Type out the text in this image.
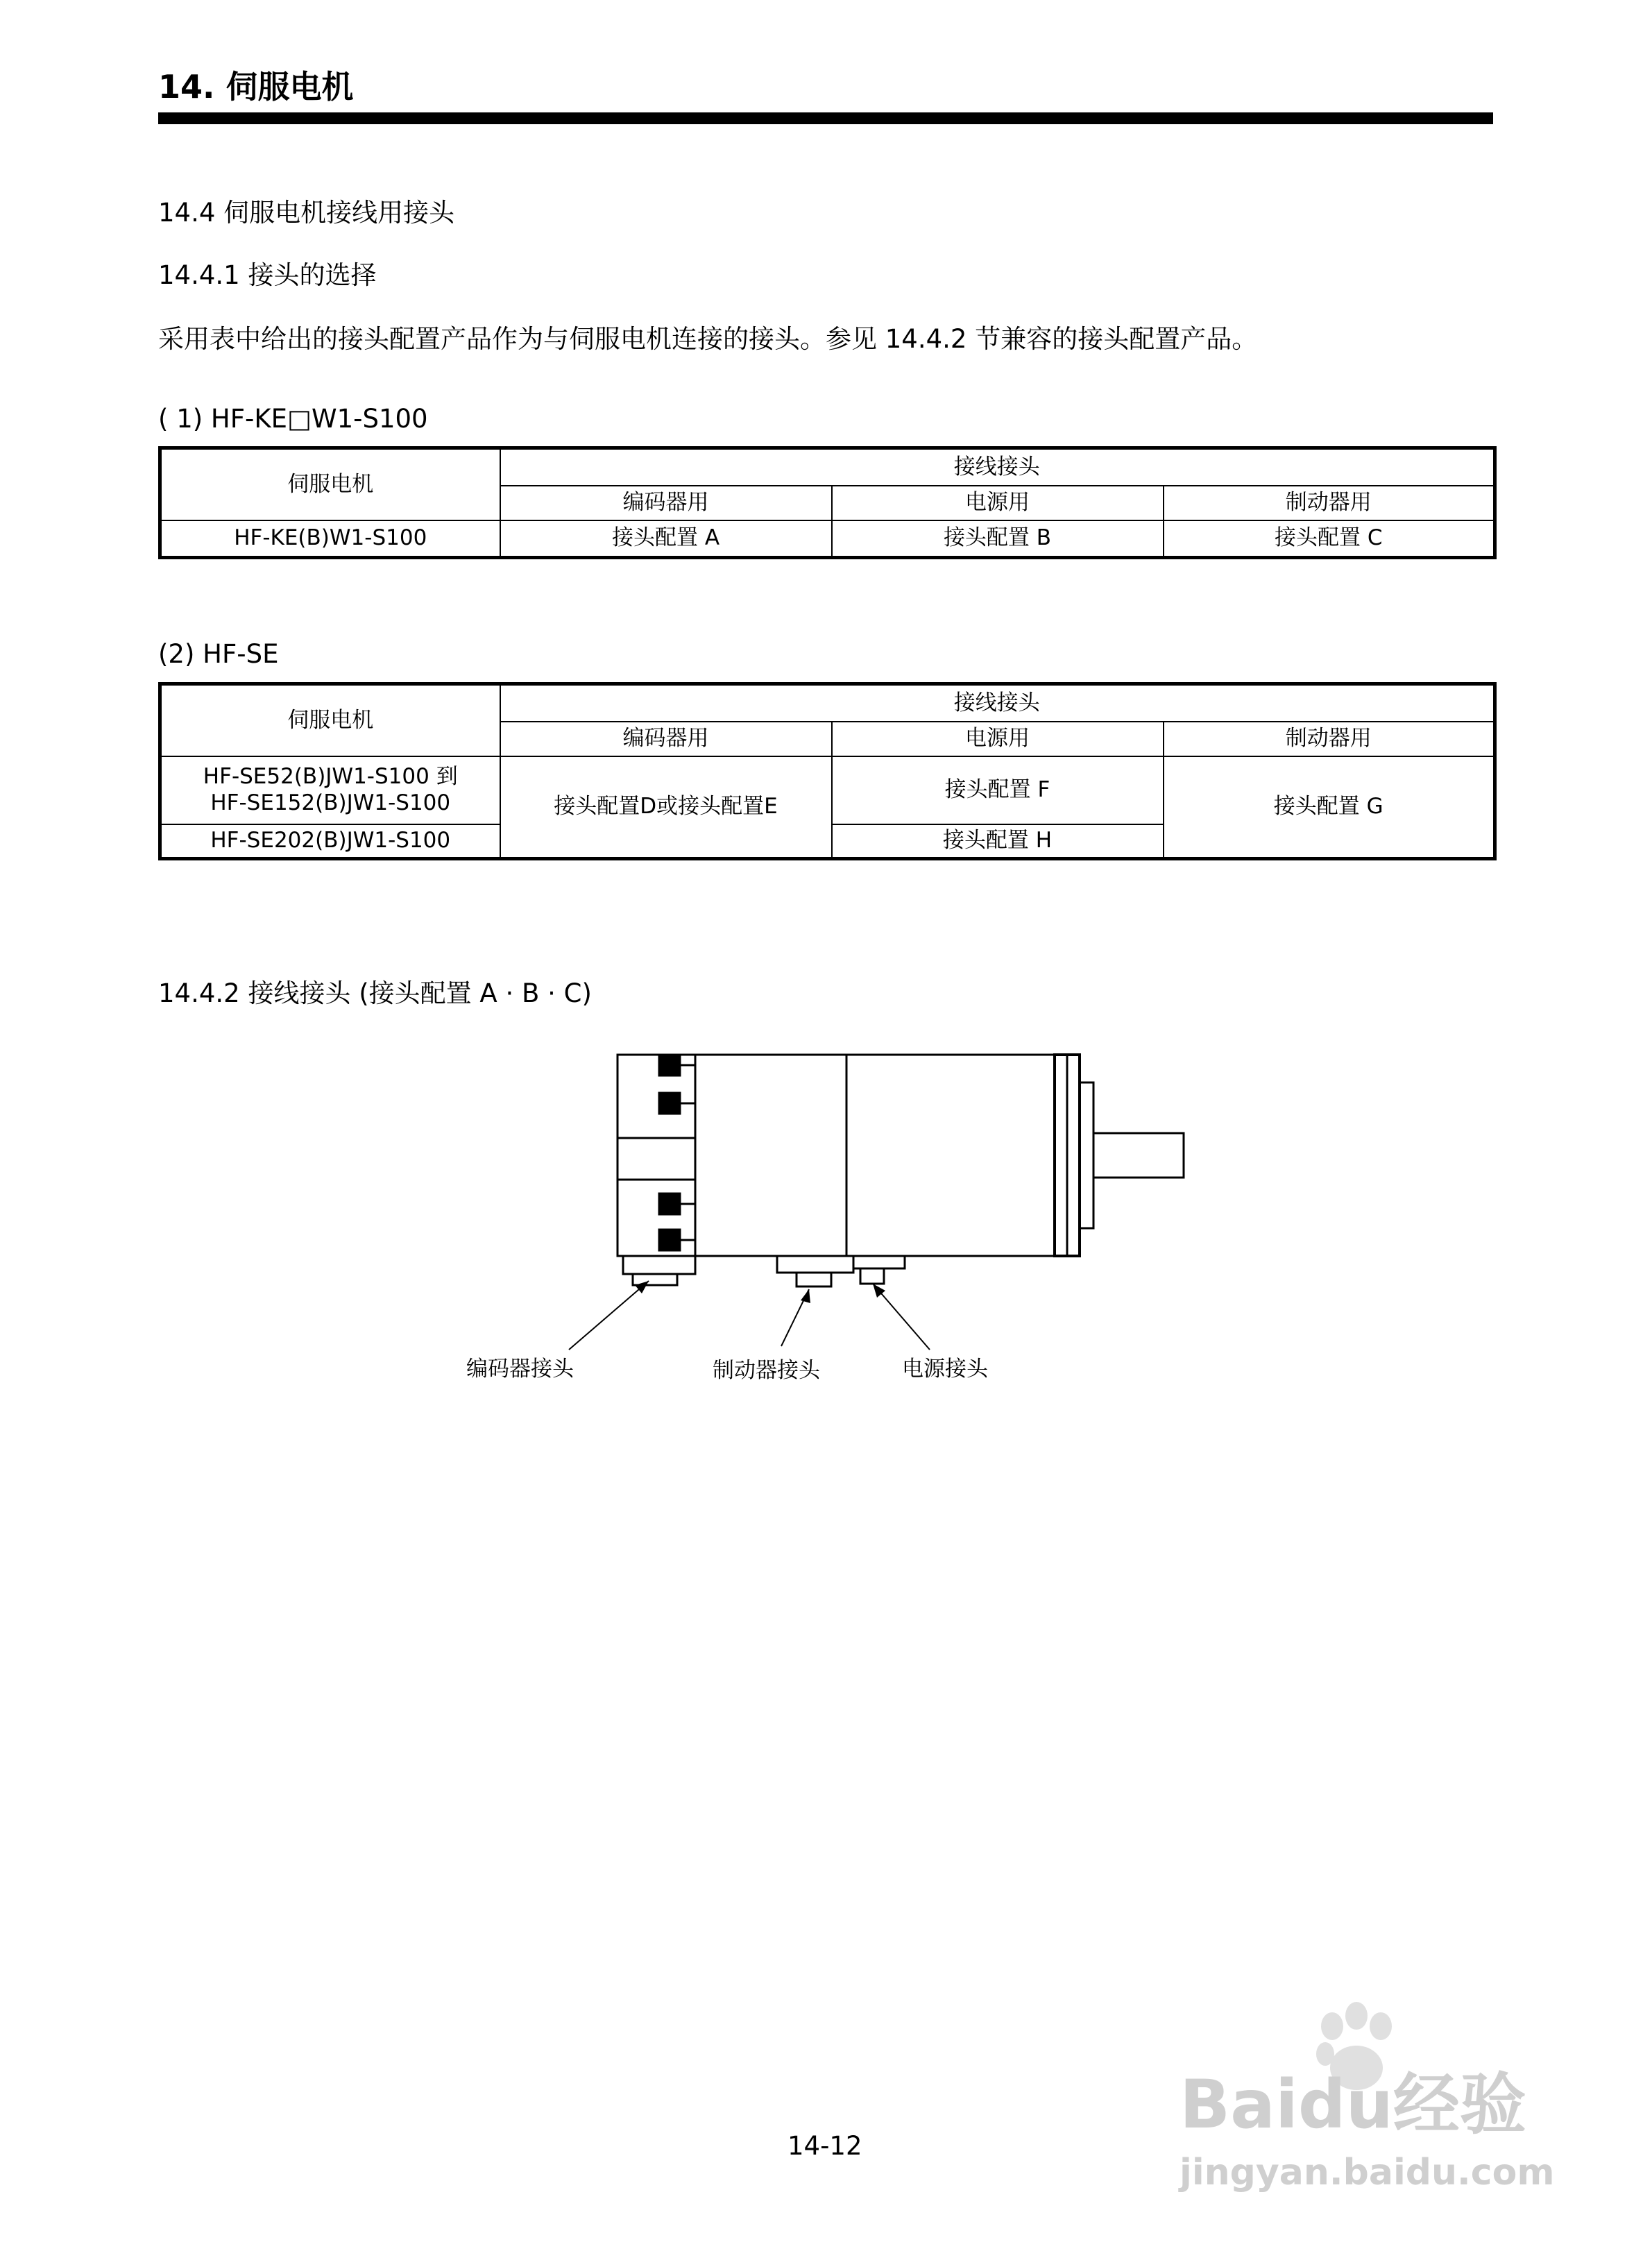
14. 伺服电机
14.4 伺服电机接线用接头
14.4.1 接头的选择
采用表中给出的接头配置产品作为与伺服电机连接的接头。参见 14.4.2 节兼容的接头配置产品。
( 1) HF-KE□W1-S100
伺服电机	接线接头		
	编码器用	电源用	制动器用
HF-KE(B)W1-S100	接头配置 A	接头配置 B	接头配置 C
(2) HF-SE
伺服电机	接线接头		
	编码器用	电源用	制动器用

HF-SE52(B)JW1-S100 到
HF-SE152(B)JW1-S100	接头配置D或接头配置E	接头配置 F	接头配置 G
HF-SE202(B)JW1-S100		接头配置 H	
14.4.2 接线接头 (接头配置 A · B · C)
编码器接头	制动器接头	电源接头
14-12
Baidu经验
jingyan.baidu.com
